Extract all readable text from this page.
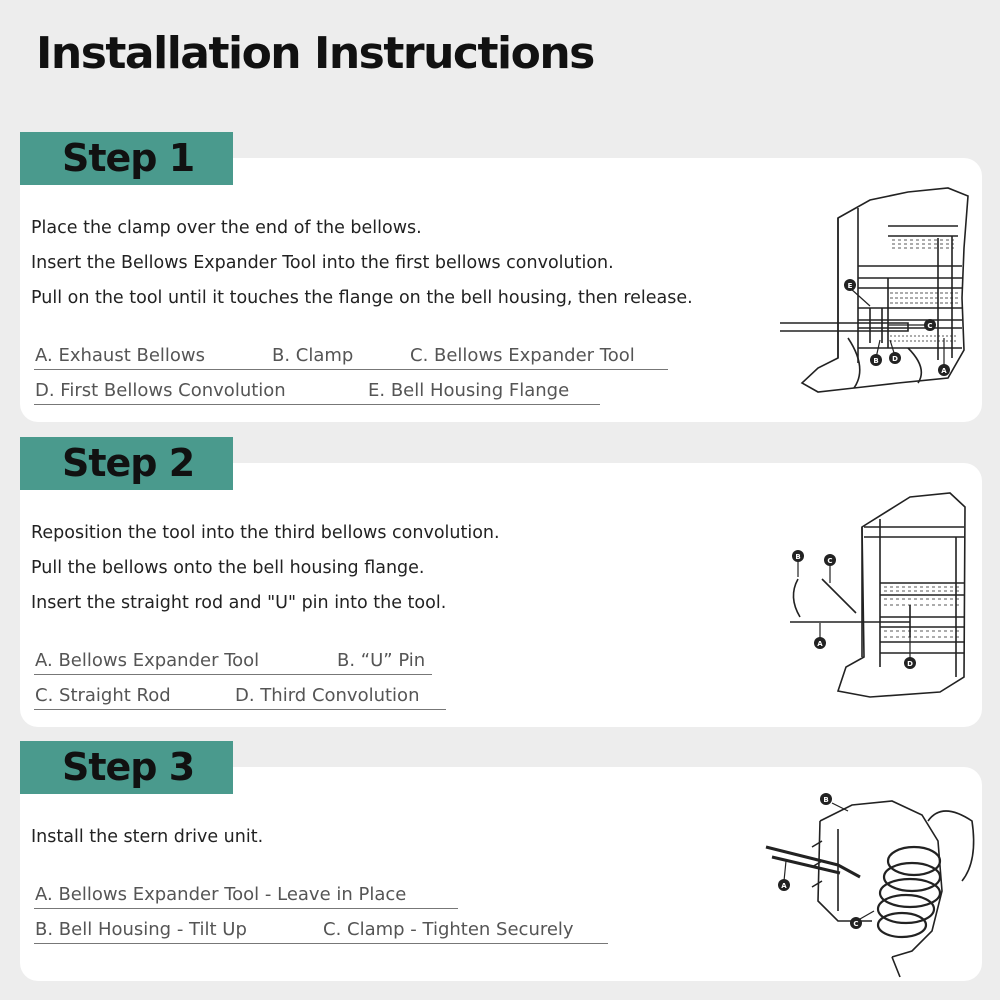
Installation Instructions
Step 1
Place the clamp over the end of the bellows.
Insert the Bellows Expander Tool into the first bellows convolution.
Pull on the tool until it touches the flange on the bell housing, then release.
A. Exhaust Bellows	B. Clamp	C. Bellows Expander Tool
D. First Bellows Convolution	E. Bell Housing Flange
E
C
B D
A
Step 2
Reposition the tool into the third bellows convolution.
Pull the bellows onto the bell housing flange.
Insert the straight rod and "U" pin into the tool.
A. Bellows Expander Tool	B. “U” Pin
C. Straight Rod	D. Third Convolution
B	C
A
D
Step 3
Install the stern drive unit.
A. Bellows Expander Tool - Leave in Place
B. Bell Housing - Tilt Up	C. Clamp - Tighten Securely
B
A
C
